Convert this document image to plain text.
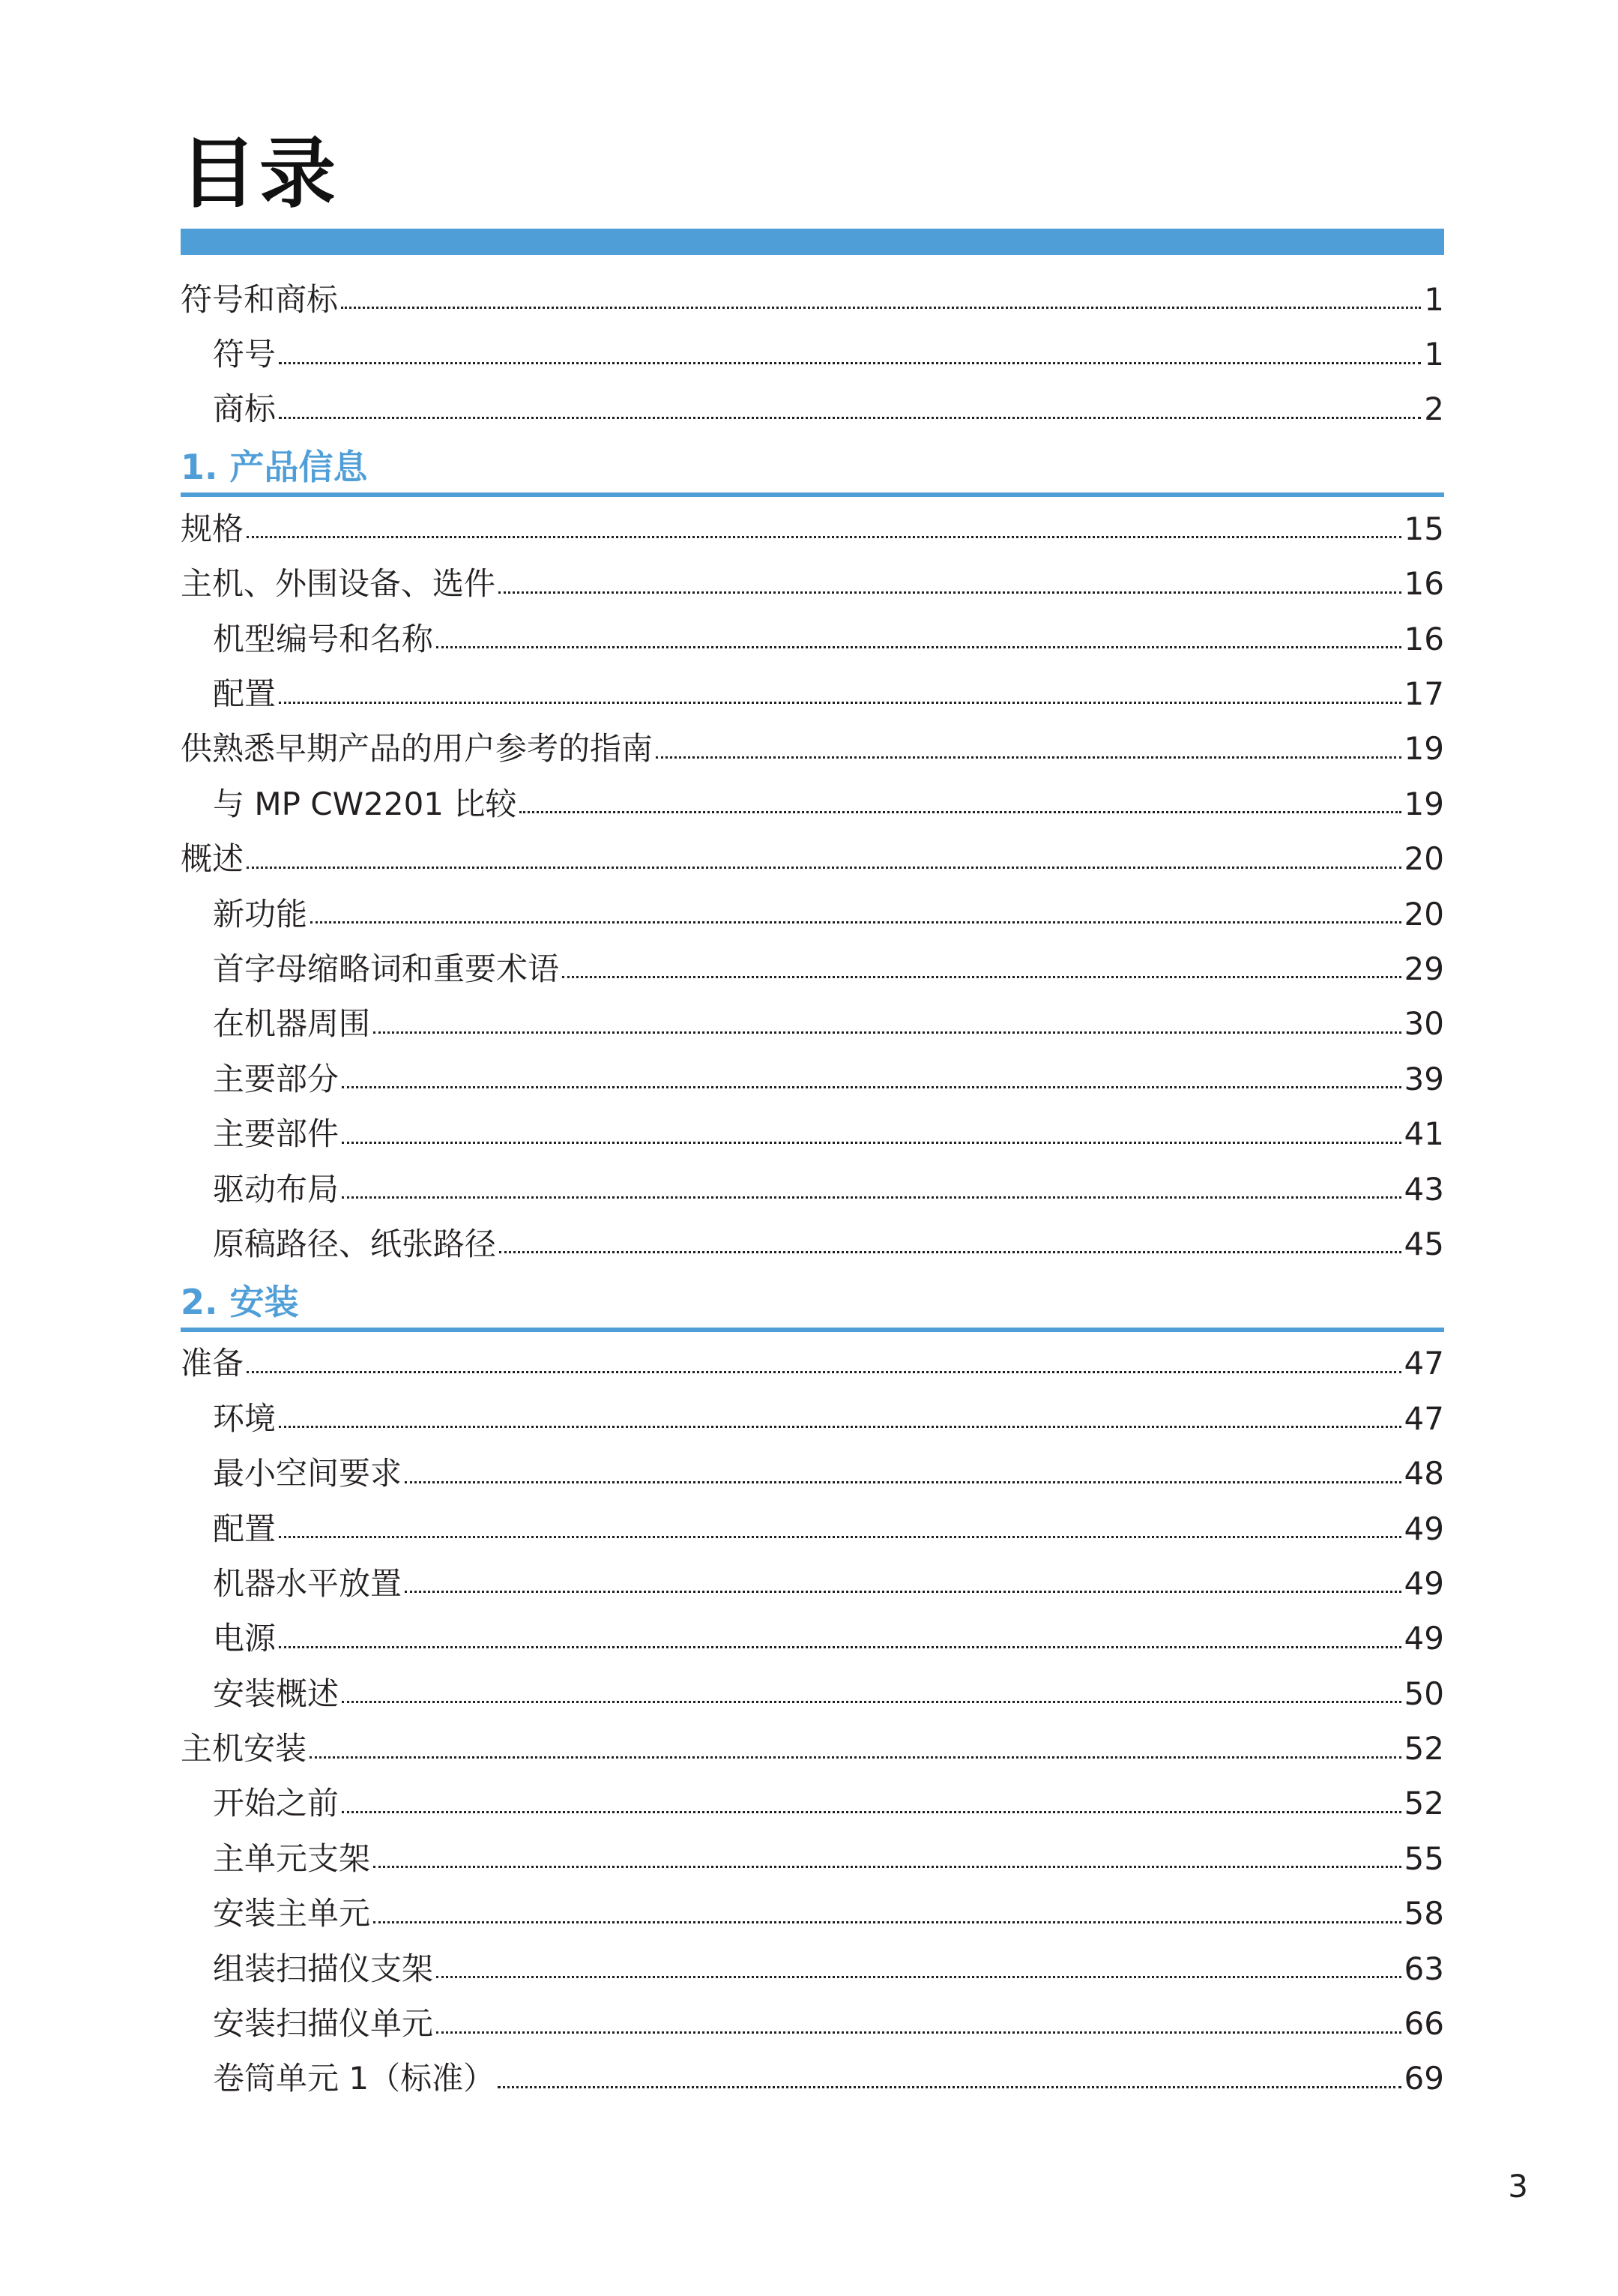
目录
符号和商标	1
符号	1
商标	2
1. 产品信息
规格	15
主机、外围设备、选件	16
机型编号和名称	16
配置	17
供熟悉早期产品的用户参考的指南	19
与 MP CW2201 比较	19
概述	20
新功能	20
首字母缩略词和重要术语	29
在机器周围	30
主要部分	39
主要部件	41
驱动布局	43
原稿路径、纸张路径	45
2. 安装
准备	47
环境	47
最小空间要求	48
配置	49
机器水平放置	49
电源	49
安装概述	50
主机安装	52
开始之前	52
主单元支架	55
安装主单元	58
组装扫描仪支架	63
安装扫描仪单元	66
卷筒单元 1（标准）	69
3
